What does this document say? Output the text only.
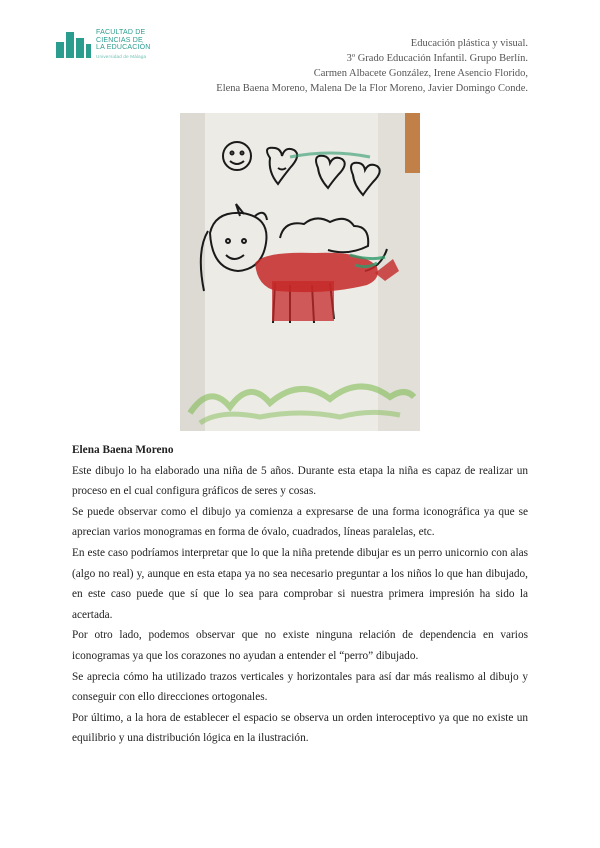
FACULTAD DE
CIENCIAS DE
LA EDUCACIÓN
Universidad de Málaga
Educación plástica y visual.
3º Grado Educación Infantil. Grupo Berlín.
Carmen Albacete González, Irene Asencio Florido,
Elena Baena Moreno, Malena De la Flor Moreno, Javier Domingo Conde.

Elena Baena Moreno

Este dibujo lo ha elaborado una niña de 5 años. Durante esta etapa la niña es capaz de realizar un proceso en el cual configura gráficos de seres y cosas.

Se puede observar como el dibujo ya comienza a expresarse de una forma iconográfica ya que se aprecian varios monogramas en forma de óvalo, cuadrados, líneas paralelas, etc.

En este caso podríamos interpretar que lo que la niña pretende dibujar es un perro unicornio con alas (algo no real) y, aunque en esta etapa ya no sea necesario preguntar a los niños lo que han dibujado, en este caso puede que sí que lo sea para comprobar si nuestra primera impresión ha sido la acertada.

Por otro lado, podemos observar que no existe ninguna relación de dependencia en varios iconogramas ya que los corazones no ayudan a entender el “perro” dibujado.

Se aprecia cómo ha utilizado trazos verticales y horizontales para así dar más realismo al dibujo y conseguir con ello direcciones ortogonales.

Por último, a la hora de establecer el espacio se observa un orden interoceptivo ya que no existe un equilibrio y una distribución lógica en la ilustración.
